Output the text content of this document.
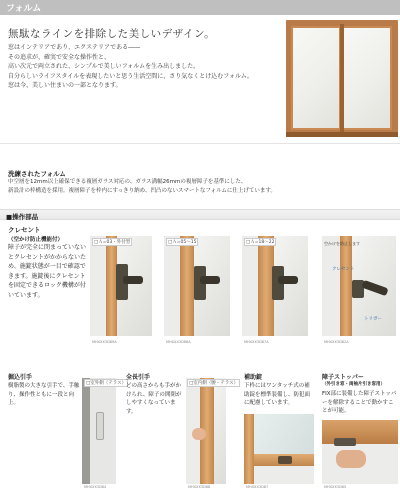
フォルム
無駄なラインを排除した美しいデザイン。

窓はインテリアであり、エクステリアである――

その追求が、確実で安全な操作性と、

高い次元で両立された、シンプルで美しいフォルムを生み出しました。

自分らしいライフスタイルを表現したいと思う生活空間に、さり気なくとけ込むフォルム。

窓は今、美しい住まいの一部となります。

洗練されたフォルム

中空層を12mm以上確保できる複層ガラス対応の、ガラス溝幅26mmの複層障子を基準にした、

新設計の枠構造を採用。複層障子を枠内にすっきり納め、凹凸のないスマートなフォルムに仕上げています。

■操作部品
クレセント
（空かけ防止機能付）
障子が完全に閉まっていないとクレセントがかからないため、施錠状態が一目で確認できます。施錠後にクレセントを固定できるロック機構が付いています。
□Ａ=03・外付型
MHXXX3D89A
□Ａ=05～15
MHXXX3D88A
□Ａ=18～22
MHXXX3D87A
空かけを防止します
クレセント
トリガー
MHXXX3D82A
掘込引手
樹脂製の大きな引手で、手触り、操作性ともに一段と向上。
□室外側（テラス）
MHXXX3D84
全長引手
どの高さからも手がかけられ、障子の開閉がしやすくなっています。
□室内側（腰・テラス）
MHXXX3D88
補助錠
下枠にはワンタッチ式の補助錠を標準装備し、防犯面に配慮しています。
MHXXX3D87
障子ストッパー
（外引き窓・両袖片引き窓用）
FIX部に装備した障子ストッパーを解除することで動かすことが可能。
MHXXX3D85
